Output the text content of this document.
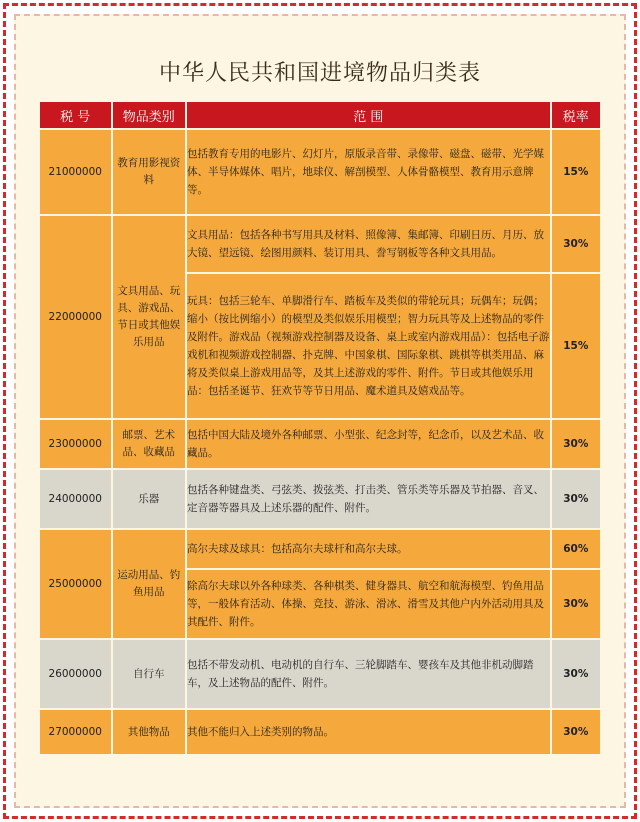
中华人民共和国进境物品归类表
税 号	物品类别	范 围	税率
21000000	教育用影视资料	包括教育专用的电影片、幻灯片，原版录音带、录像带、磁盘、磁带、光学媒体、半导体媒体、唱片，地球仪、解剖模型、人体骨骼模型、教育用示意牌等。	15%
22000000	文具用品、玩具、游戏品、节日或其他娱乐用品	文具用品：包括各种书写用具及材料、照像簿、集邮簿、印刷日历、月历、放大镜、望远镜、绘图用颜料、装订用具、誊写钢板等各种文具用品。	30%
		玩具：包括三轮车、单脚滑行车、踏板车及类似的带轮玩具；玩偶车；玩偶；缩小（按比例缩小）的模型及类似娱乐用模型；智力玩具等及上述物品的零件及附件。游戏品（视频游戏控制器及设备、桌上或室内游戏用品）：包括电子游戏机和视频游戏控制器、扑克牌、中国象棋、国际象棋、跳棋等棋类用品、麻将及类似桌上游戏用品等，及其上述游戏的零件、附件。节日或其他娱乐用品：包括圣诞节、狂欢节等节日用品、魔术道具及嬉戏品等。	15%
23000000	邮票、艺术品、收藏品	包括中国大陆及境外各种邮票、小型张、纪念封等，纪念币，以及艺术品、收藏品。	30%
24000000	乐器	包括各种键盘类、弓弦类、拨弦类、打击类、管乐类等乐器及节拍器、音叉、定音器等器具及上述乐器的配件、附件。	30%
25000000	运动用品、钓鱼用品	高尔夫球及球具：包括高尔夫球杆和高尔夫球。	60%
		除高尔夫球以外各种球类、各种棋类、健身器具、航空和航海模型、钓鱼用品等，一般体育活动、体操、竞技、游泳、滑冰、滑雪及其他户内外活动用具及其配件、附件。	30%
26000000	自行车	包括不带发动机、电动机的自行车、三轮脚踏车、婴孩车及其他非机动脚踏车，及上述物品的配件、附件。	30%
27000000	其他物品	其他不能归入上述类别的物品。	30%
